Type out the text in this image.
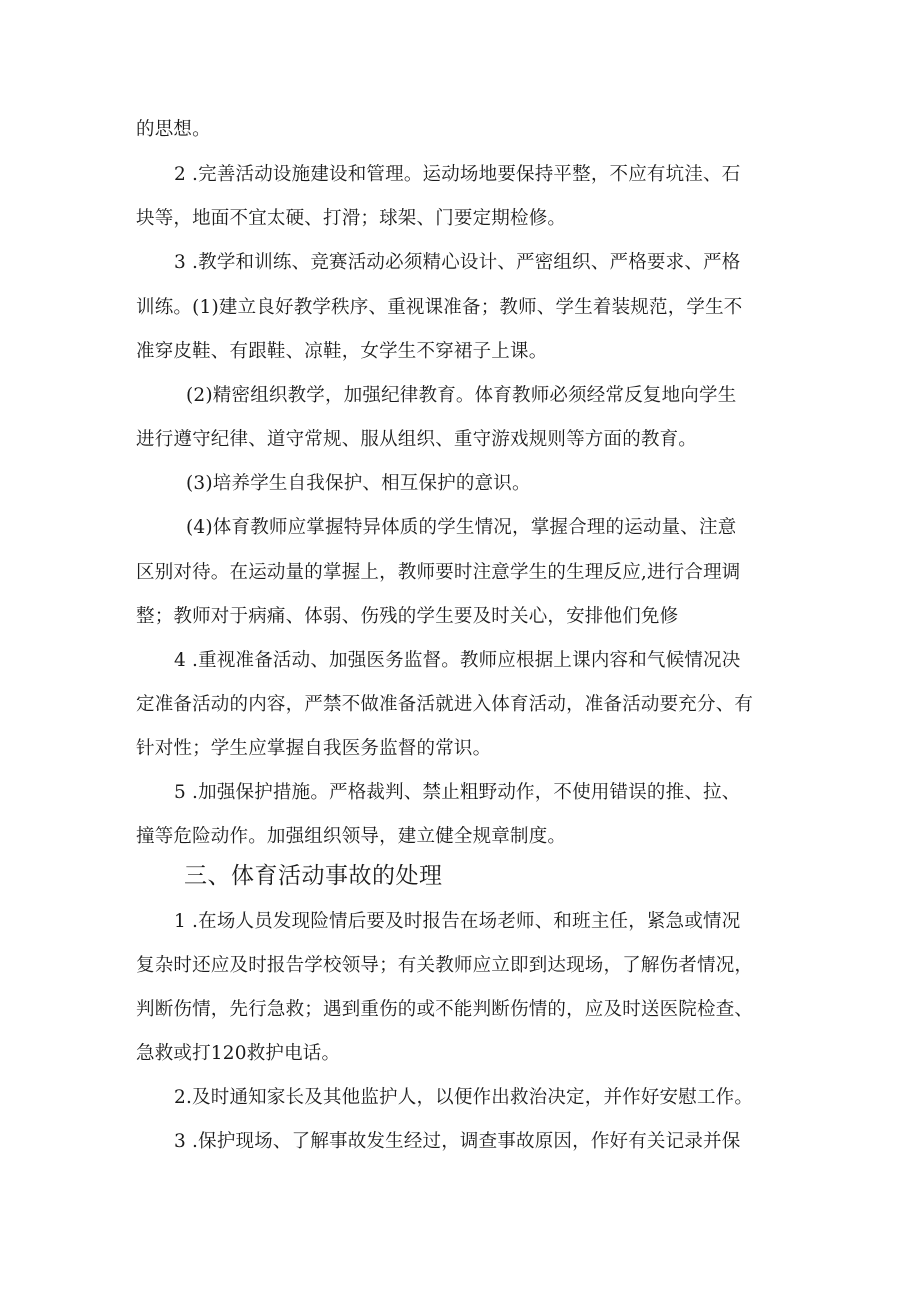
的思想。
2 .完善活动设施建设和管理。运动场地要保持平整，不应有坑洼、石
块等，地面不宜太硬、打滑；球架、门要定期检修。
3 .教学和训练、竞赛活动必须精心设计、严密组织、严格要求、严格
训练。(1)建立良好教学秩序、重视课准备；教师、学生着装规范，学生不
准穿皮鞋、有跟鞋、凉鞋，女学生不穿裙子上课。
(2)精密组织教学，加强纪律教育。体育教师必须经常反复地向学生
进行遵守纪律、道守常规、服从组织、重守游戏规则等方面的教育。
(3)培养学生自我保护、相互保护的意识。
(4)体育教师应掌握特异体质的学生情况，掌握合理的运动量、注意
区别对待。在运动量的掌握上，教师要时注意学生的生理反应,进行合理调
整；教师对于病痛、体弱、伤残的学生要及时关心，安排他们免修
4 .重视准备活动、加强医务监督。教师应根据上课内容和气候情况决
定准备活动的内容，严禁不做准备活就进入体育活动，准备活动要充分、有
针对性；学生应掌握自我医务监督的常识。
5 .加强保护措施。严格裁判、禁止粗野动作，不使用错误的推、拉、
撞等危险动作。加强组织领导，建立健全规章制度。
三、体育活动事故的处理
1 .在场人员发现险情后要及时报告在场老师、和班主任，紧急或情况
复杂时还应及时报告学校领导；有关教师应立即到达现场，了解伤者情况，
判断伤情，先行急救；遇到重伤的或不能判断伤情的，应及时送医院检查、
急救或打120救护电话。
2.及时通知家长及其他监护人，以便作出救治决定，并作好安慰工作。
3 .保护现场、了解事故发生经过，调查事故原因，作好有关记录并保
